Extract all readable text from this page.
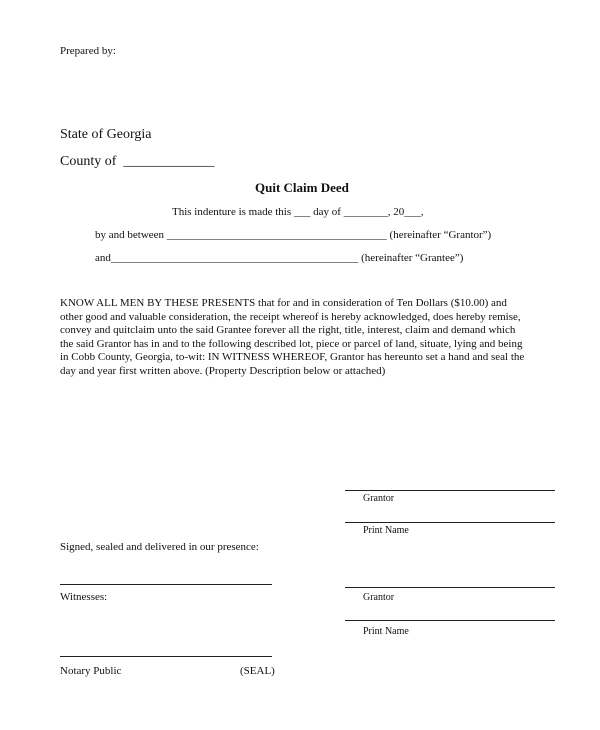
Prepared by:
State of Georgia
County of  _____________
Quit Claim Deed
This indenture is made this ___ day of ________, 20___,
by and between ________________________________________ (hereinafter “Grantor”)
and_____________________________________________ (hereinafter “Grantee”)
KNOW ALL MEN BY THESE PRESENTS that for and in consideration of Ten Dollars ($10.00) and
other good and valuable consideration, the receipt whereof is hereby acknowledged, does hereby remise,
convey and quitclaim unto the said Grantee forever all the right, title, interest, claim and demand which
the said Grantor has in and to the following described lot, piece or parcel of land, situate, lying and being
in Cobb County, Georgia, to-wit: IN WITNESS WHEREOF, Grantor has hereunto set a hand and seal the
day and year first written above. (Property Description below or attached)
Grantor
Print Name
Signed, sealed and delivered in our presence:
Witnesses:	Grantor
Print Name
Notary Public	(SEAL)
